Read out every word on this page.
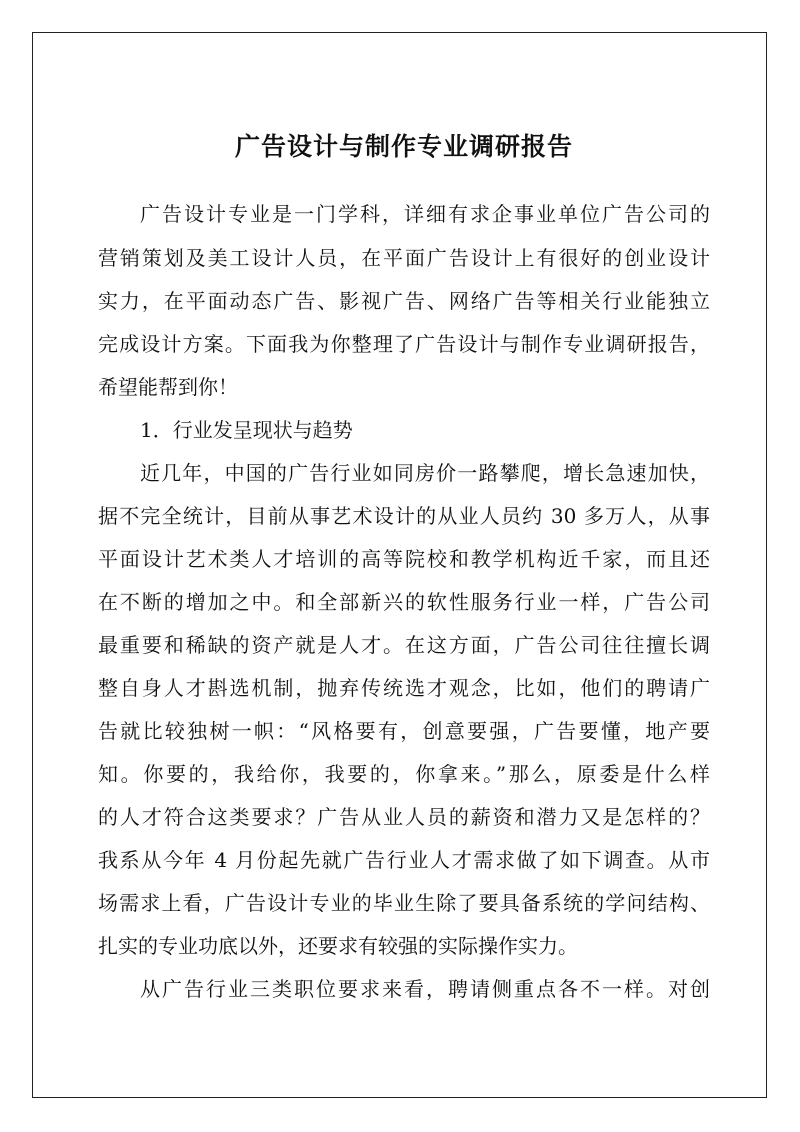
广告设计与制作专业调研报告
广告设计专业是一门学科，详细有求企事业单位广告公司的
营销策划及美工设计人员，在平面广告设计上有很好的创业设计
实力，在平面动态广告、影视广告、网络广告等相关行业能独立
完成设计方案。下面我为你整理了广告设计与制作专业调研报告，
希望能帮到你！
1．行业发呈现状与趋势
近几年，中国的广告行业如同房价一路攀爬，增长急速加快，
据不完全统计，目前从事艺术设计的从业人员约 30 多万人，从事
平面设计艺术类人才培训的高等院校和教学机构近千家，而且还
在不断的增加之中。和全部新兴的软性服务行业一样，广告公司
最重要和稀缺的资产就是人才。在这方面，广告公司往往擅长调
整自身人才斟选机制，抛弃传统选才观念，比如，他们的聘请广
告就比较独树一帜：“风格要有，创意要强，广告要懂，地产要
知。你要的，我给你，我要的，你拿来。”那么，原委是什么样
的人才符合这类要求？广告从业人员的薪资和潜力又是怎样的？
我系从今年 4 月份起先就广告行业人才需求做了如下调查。从市
场需求上看，广告设计专业的毕业生除了要具备系统的学问结构、
扎实的专业功底以外，还要求有较强的实际操作实力。
从广告行业三类职位要求来看，聘请侧重点各不一样。对创
